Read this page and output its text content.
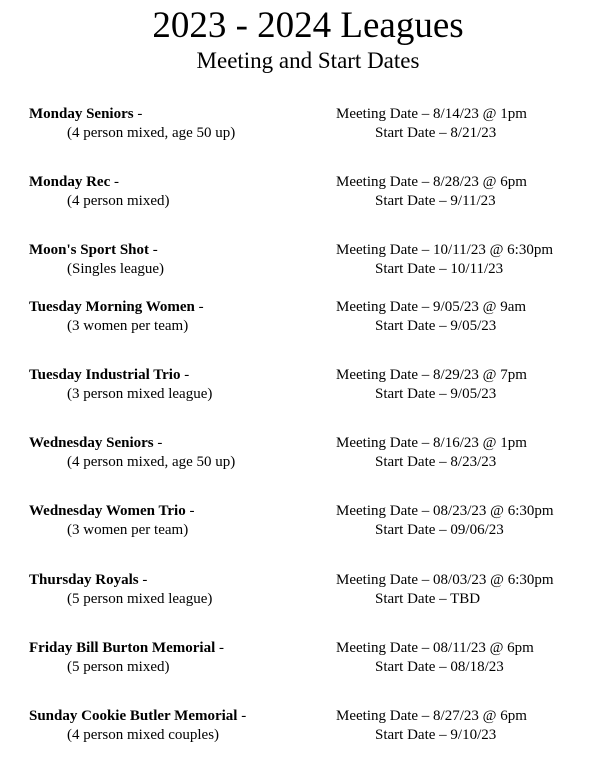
2023 - 2024 Leagues
Meeting and Start Dates
Monday Seniors -
(4 person mixed, age 50 up)
Meeting Date – 8/14/23 @ 1pm
Start Date – 8/21/23
Monday Rec -
(4 person mixed)
Meeting Date – 8/28/23 @ 6pm
Start Date – 9/11/23
Moon's Sport Shot -
(Singles league)
Meeting Date – 10/11/23 @ 6:30pm
Start Date – 10/11/23
Tuesday Morning Women -
(3 women per team)
Meeting Date – 9/05/23 @ 9am
Start Date – 9/05/23
Tuesday Industrial Trio -
(3 person mixed league)
Meeting Date – 8/29/23 @ 7pm
Start Date – 9/05/23
Wednesday Seniors -
(4 person mixed, age 50 up)
Meeting Date – 8/16/23 @ 1pm
Start Date – 8/23/23
Wednesday Women Trio -
(3 women per team)
Meeting Date – 08/23/23 @ 6:30pm
Start Date – 09/06/23
Thursday Royals -
(5 person mixed league)
Meeting Date – 08/03/23 @ 6:30pm
Start Date – TBD
Friday Bill Burton Memorial -
(5 person mixed)
Meeting Date – 08/11/23 @ 6pm
Start Date – 08/18/23
Sunday Cookie Butler Memorial -
(4 person mixed couples)
Meeting Date – 8/27/23 @ 6pm
Start Date – 9/10/23
